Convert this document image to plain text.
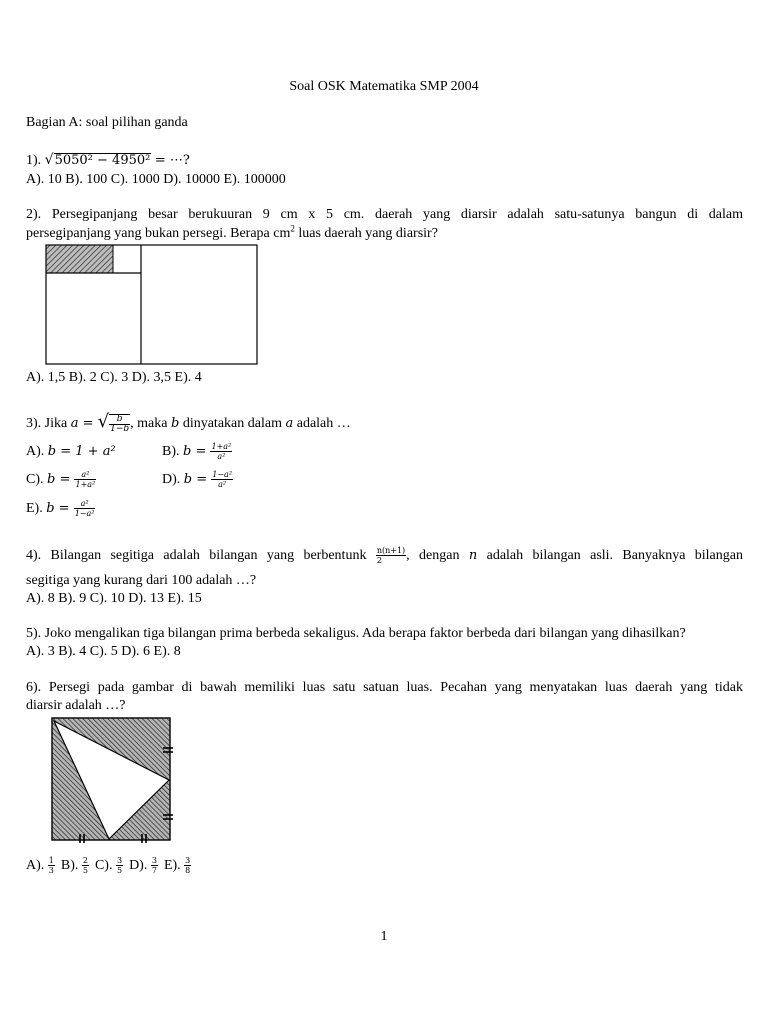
Soal OSK Matematika SMP 2004
Bagian A: soal pilihan ganda
1). √5050² − 4950² = ⋯?
A). 10 B). 100 C). 1000 D). 10000 E). 100000
2). Persegipanjang besar berukuuran 9 cm x 5 cm. daerah yang diarsir adalah satu-satunya bangun di dalam
persegipanjang yang bukan persegi. Berapa $cm^2$ luas daerah yang diarsir?
A). 1,5 B). 2 C). 3 D). 3,5 E). 4
3). Jika a = √ $\frac{b}{1-b}$ , maka b dinyatakan dalam a adalah …
A). b = 1 + a²	B). $b = \frac{\text{1+a²}}{\text{a²}}$
C). $b = \frac{\text{a²}}{\text{1+a²}}$	D). $b = \frac{\text{1−a²}}{\text{a²}}$
E). $b = \frac{\text{a²}}{\text{1−a²}}$
4). Bilangan segitiga adalah bilangan yang berbentunk $\frac{n(n+1)}{2}$ , dengan n adalah bilangan asli. Banyaknya bilangan
segitiga yang kurang dari 100 adalah …?
A). 8 B). 9 C). 10 D). 13 E). 15
5). Joko mengalikan tiga bilangan prima berbeda sekaligus. Ada berapa faktor berbeda dari bilangan yang dihasilkan?
A). 3 B). 4 C). 5 D). 6 E). 8
6). Persegi pada gambar di bawah memiliki luas satu satuan luas. Pecahan yang menyatakan luas daerah yang tidak
diarsir adalah …?
A). $\frac{1}{3} B$). $\frac{2}{5} C$). $\frac{3}{5} D$). $\frac{3}{7} E$). $\frac{3}{8}$
1
